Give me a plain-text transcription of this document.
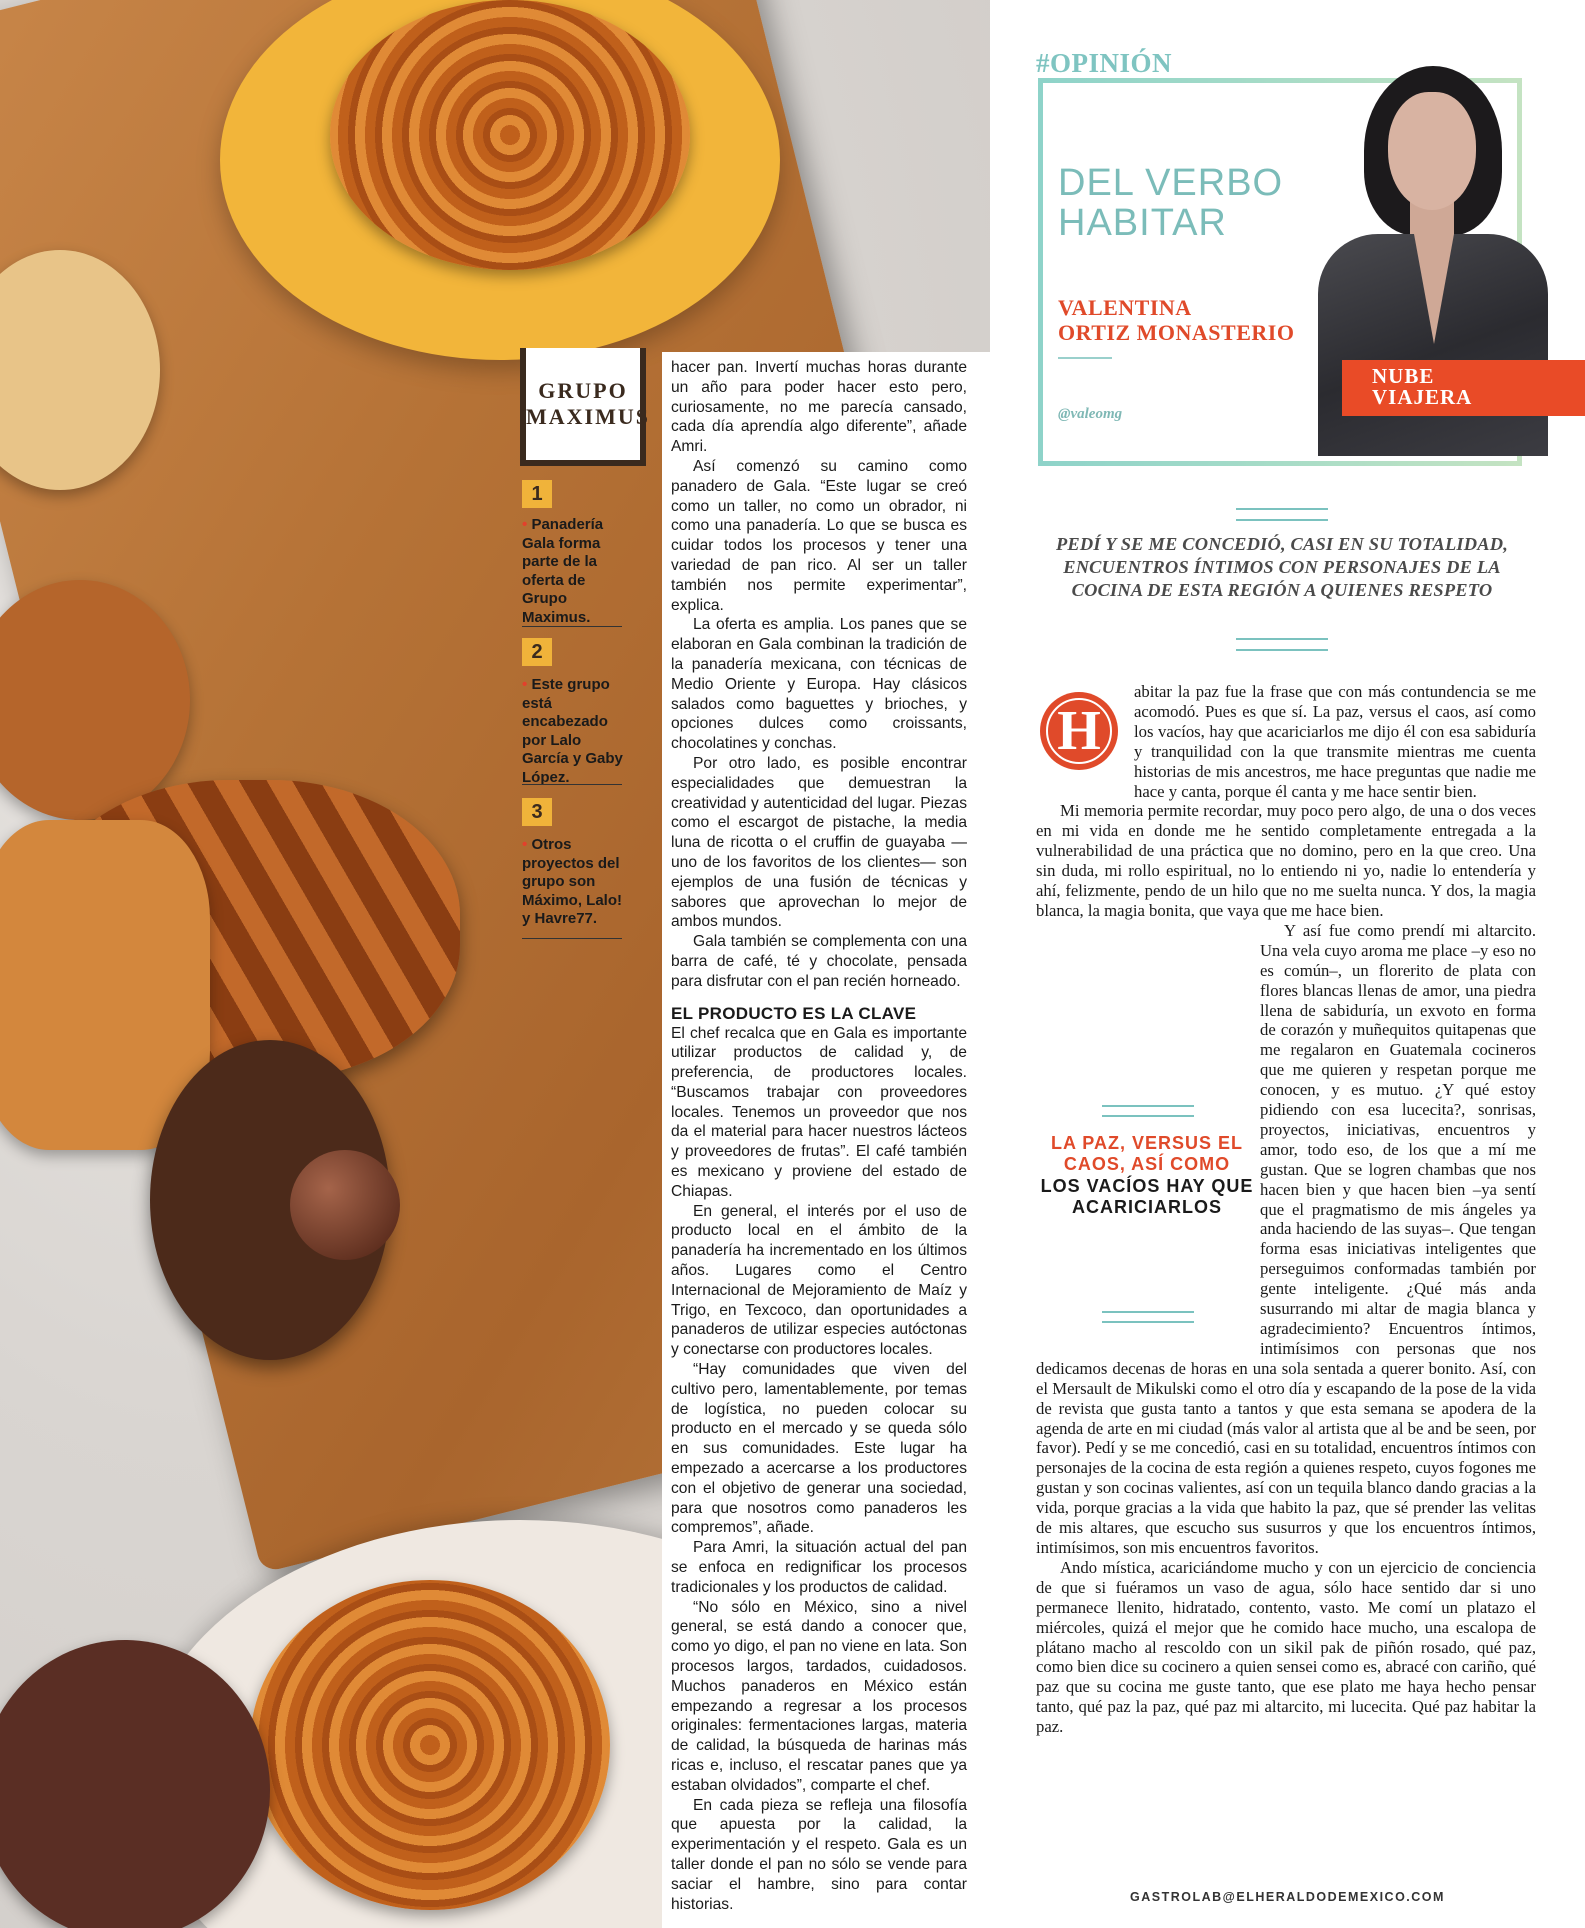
GRUPO MAXIMUS
1
• Panadería Gala forma parte de la oferta de Grupo Maximus.
2
• Este grupo está encabezado por Lalo García y Gaby López.
3
• Otros proyectos del grupo son Máximo, Lalo! y Havre77.

hacer pan. Invertí muchas horas durante un año para poder hacer esto pero, curiosamente, no me parecía cansado, cada día aprendía algo diferente”, añade Amri.

Así comenzó su camino como panadero de Gala. “Este lugar se creó como un taller, no como un obrador, ni como una panadería. Lo que se busca es cuidar todos los procesos y tener una variedad de pan rico. Al ser un taller también nos permite experimentar”, explica.

La oferta es amplia. Los panes que se elaboran en Gala combinan la tradición de la panadería mexicana, con técnicas de Medio Oriente y Europa. Hay clásicos salados como baguettes y brioches, y opciones dulces como croissants, chocolatines y conchas.

Por otro lado, es posible encontrar especialidades que demuestran la creatividad y autenticidad del lugar. Piezas como el escargot de pistache, la media luna de ricotta o el cruffin de guayaba —uno de los favoritos de los clientes— son ejemplos de una fusión de técnicas y sabores que aprovechan lo mejor de ambos mundos.

Gala también se complementa con una barra de café, té y chocolate, pensada para disfrutar con el pan recién horneado.

EL PRODUCTO ES LA CLAVE

El chef recalca que en Gala es importante utilizar productos de calidad y, de preferencia, de productores locales. “Buscamos trabajar con proveedores locales. Tenemos un proveedor que nos da el material para hacer nuestros lácteos y proveedores de frutas”. El café también es mexicano y proviene del estado de Chiapas.

En general, el interés por el uso de producto local en el ámbito de la panadería ha incrementado en los últimos años. Lugares como el Centro Internacional de Mejoramiento de Maíz y Trigo, en Texcoco, dan oportunidades a panaderos de utilizar especies autóctonas y conectarse con productores locales.

“Hay comunidades que viven del cultivo pero, lamentablemente, por temas de logística, no pueden colocar su producto en el mercado y se queda sólo en sus comunidades. Este lugar ha empezado a acercarse a los productores con el objetivo de generar una sociedad, para que nosotros como panaderos les compremos”, añade.

Para Amri, la situación actual del pan se enfoca en redignificar los procesos tradicionales y los productos de calidad.

“No sólo en México, sino a nivel general, se está dando a conocer que, como yo digo, el pan no viene en lata. Son procesos largos, tardados, cuidadosos. Muchos panaderos en México están empezando a regresar a los procesos originales: fermentaciones largas, materia de calidad, la búsqueda de harinas más ricas e, incluso, el rescatar panes que ya estaban olvidados”, comparte el chef.

En cada pieza se refleja una filosofía que apuesta por la calidad, la experimentación y el respeto. Gala es un taller donde el pan no sólo se vende para saciar el hambre, sino para contar historias.

#OPINIÓN
DEL VERBO
HABITAR
VALENTINA
ORTIZ MONASTERIO
@valeomg
NUBE
VIAJERA
PEDÍ Y SE ME CONCEDIÓ, CASI EN SU TOTALIDAD, ENCUENTROS ÍNTIMOS CON PERSONAJES DE LA COCINA DE ESTA REGIÓN A QUIENES RESPETO

abitar la paz fue la frase que con más contundencia se me acomodó. Pues es que sí. La paz, versus el caos, así como los vacíos, hay que acariciarlos me dijo él con esa sabiduría y tranquilidad con la que transmite mientras me cuenta historias de mis ancestros, me hace preguntas que nadie me hace y canta, porque él canta y me hace sentir bien.

Mi memoria permite recordar, muy poco pero algo, de una o dos veces en mi vida en donde me he sentido completamente entregada a la vulnerabilidad de una práctica que no domino, pero en la que creo. Una sin duda, mi rollo espiritual, no lo entiendo ni yo, nadie lo entendería y ahí, felizmente, pendo de un hilo que no me suelta nunca. Y dos, la magia blanca, la magia bonita, que vaya que me hace bien.

LA PAZ, VERSUS EL CAOS, ASÍ COMO
LOS VACÍOS HAY QUE ACARICIARLOS

Y así fue como prendí mi altarcito. Una vela cuyo aroma me place –y eso no es común–, un florerito de plata con flores blancas llenas de amor, una piedra llena de sabiduría, un exvoto en forma de corazón y muñequitos quitapenas que me regalaron en Guatemala cocineros que me quieren y respetan porque me conocen, y es mutuo. ¿Y qué estoy pidiendo con esa lucecita?, sonrisas, proyectos, iniciativas, encuentros y amor, todo eso, de los que a mí me gustan. Que se logren chambas que nos hacen bien y que hacen bien –ya sentí que el pragmatismo de mis ángeles ya anda haciendo de las suyas–. Que tengan forma esas iniciativas inteligentes que perseguimos conformadas también por gente inteligente. ¿Qué más anda susurrando mi altar de magia blanca y agradecimiento? Encuentros íntimos, intimísimos con personas que nos dedicamos decenas de horas en una sola sentada a querer bonito. Así, con el Mersault de Mikulski como el otro día y escapando de la pose de la vida de revista que gusta tanto a tantos y que esta semana se apodera de la agenda de arte en mi ciudad (más valor al artista que al be and be seen, por favor). Pedí y se me concedió, casi en su totalidad, encuentros íntimos con personajes de la cocina de esta región a quienes respeto, cuyos fogones me gustan y son cocinas valientes, así con un tequila blanco dando gracias a la vida, porque gracias a la vida que habito la paz, que sé prender las velitas de mis altares, que escucho sus susurros y que los encuentros íntimos, intimísimos, son mis encuentros favoritos.

Ando mística, acariciándome mucho y con un ejercicio de conciencia de que si fuéramos un vaso de agua, sólo hace sentido dar si uno permanece llenito, hidratado, contento, vasto. Me comí un platazo el miércoles, quizá el mejor que he comido hace mucho, una escalopa de plátano macho al rescoldo con un sikil pak de piñón rosado, qué paz, como bien dice su cocinero a quien sensei como es, abracé con cariño, qué paz que su cocina me guste tanto, que ese plato me haya hecho pensar tanto, qué paz la paz, qué paz mi altarcito, mi lucecita. Qué paz habitar la paz.

H
GASTROLAB@ELHERALDODEMEXICO.COM
